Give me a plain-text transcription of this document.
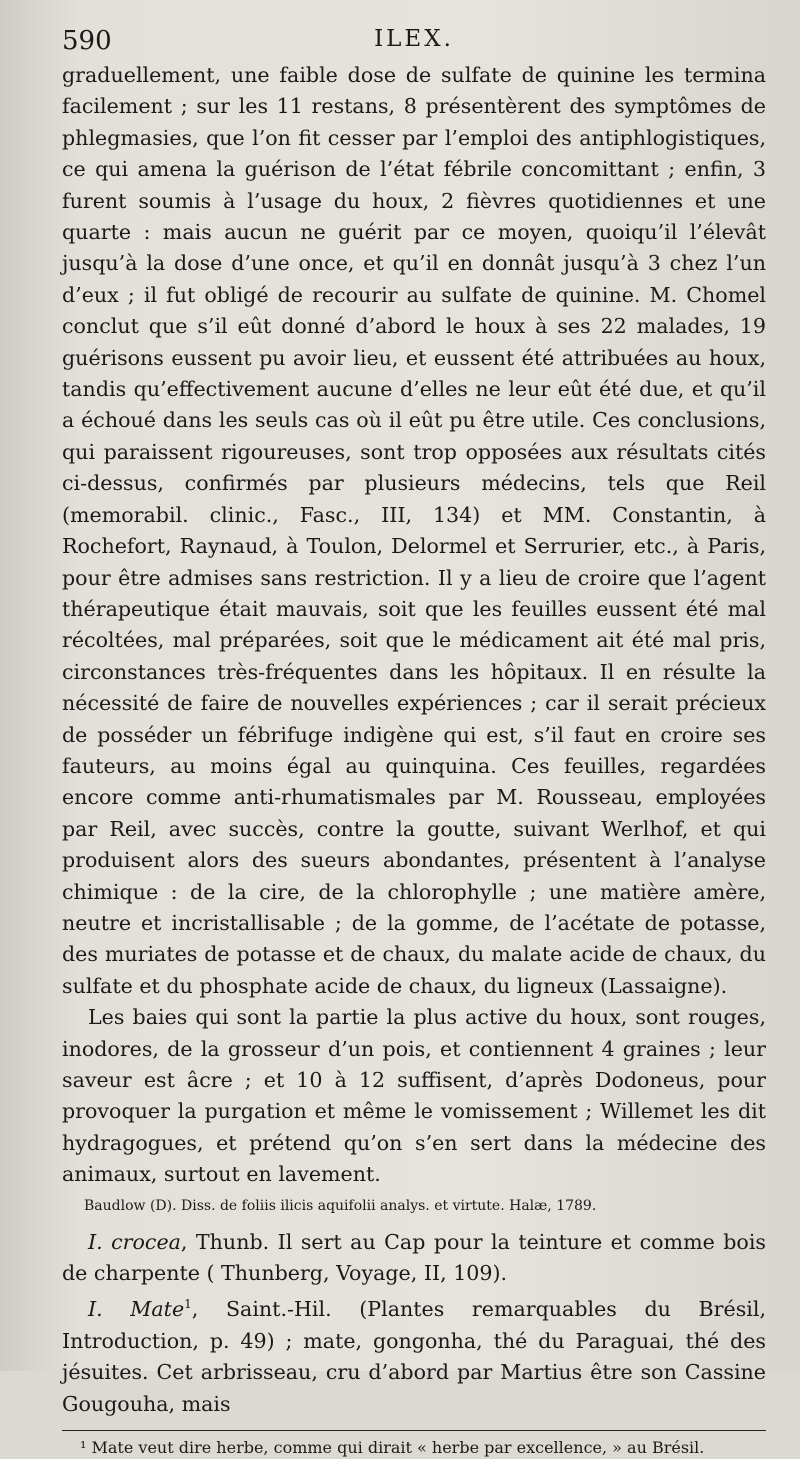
590	ILEX.

graduellement, une faible dose de sulfate de quinine les termina facilement ; sur les 11 restans, 8 présentèrent des symptômes de phlegmasies, que l’on fit cesser par l’emploi des antiphlogistiques, ce qui amena la guérison de l’état fébrile concomittant ; enfin, 3 furent soumis à l’usage du houx, 2 fièvres quotidiennes et une quarte : mais aucun ne guérit par ce moyen, quoiqu’il l’élevât jusqu’à la dose d’une once, et qu’il en donnât jusqu’à 3 chez l’un d’eux ; il fut obligé de recourir au sulfate de quinine. M. Chomel conclut que s’il eût donné d’abord le houx à ses 22 malades, 19 guérisons eussent pu avoir lieu, et eussent été attribuées au houx, tandis qu’effectivement aucune d’elles ne leur eût été due, et qu’il a échoué dans les seuls cas où il eût pu être utile. Ces conclusions, qui paraissent rigoureuses, sont trop opposées aux résultats cités ci-dessus, confirmés par plusieurs médecins, tels que Reil (memorabil. clinic., Fasc., III, 134) et MM. Constantin, à Rochefort, Raynaud, à Toulon, Delormel et Serrurier, etc., à Paris, pour être admises sans restriction. Il y a lieu de croire que l’agent thérapeutique était mauvais, soit que les feuilles eussent été mal récoltées, mal préparées, soit que le médicament ait été mal pris, circonstances très-fréquentes dans les hôpitaux. Il en résulte la nécessité de faire de nouvelles expériences ; car il serait précieux de posséder un fébrifuge indigène qui est, s’il faut en croire ses fauteurs, au moins égal au quinquina. Ces feuilles, regardées encore comme anti-rhumatismales par M. Rousseau, employées par Reil, avec succès, contre la goutte, suivant Werlhof, et qui produisent alors des sueurs abondantes, présentent à l’analyse chimique : de la cire, de la chlorophylle ; une matière amère, neutre et incristallisable ; de la gomme, de l’acétate de potasse, des muriates de potasse et de chaux, du malate acide de chaux, du sulfate et du phosphate acide de chaux, du ligneux (Lassaigne).

Les baies qui sont la partie la plus active du houx, sont rouges, inodores, de la grosseur d’un pois, et contiennent 4 graines ; leur saveur est âcre ; et 10 à 12 suffisent, d’après Dodoneus, pour provoquer la purgation et même le vomissement ; Willemet les dit hydragogues, et prétend qu’on s’en sert dans la médecine des animaux, surtout en lavement.

Baudlow (D). Diss. de foliis ilicis aquifolii analys. et virtute. Halæ, 1789.

I. crocea, Thunb. Il sert au Cap pour la teinture et comme bois de charpente ( Thunberg, Voyage, II, 109).

I. Mate$^1$, Saint.-Hil. (Plantes remarquables du Brésil, Introduction, p. 49) ; mate, gongonha, thé du Paraguai, thé des jésuites. Cet arbrisseau, cru d’abord par Martius être son Cassine Gougouha, mais

¹ Mate veut dire herbe, comme qui dirait « herbe par excellence, » au Brésil.
